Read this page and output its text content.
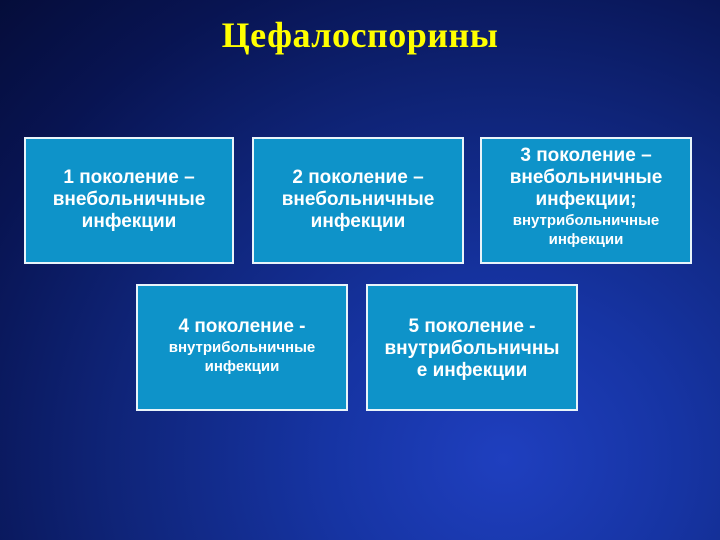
Цефалоспорины
1 поколение –
внебольничные
инфекции
2 поколение –
внебольничные
инфекции
3 поколение –
внебольничные
инфекции;
внутрибольничные
инфекции
4 поколение -
внутрибольничные
инфекции
5 поколение -
внутрибольничны
е инфекции
